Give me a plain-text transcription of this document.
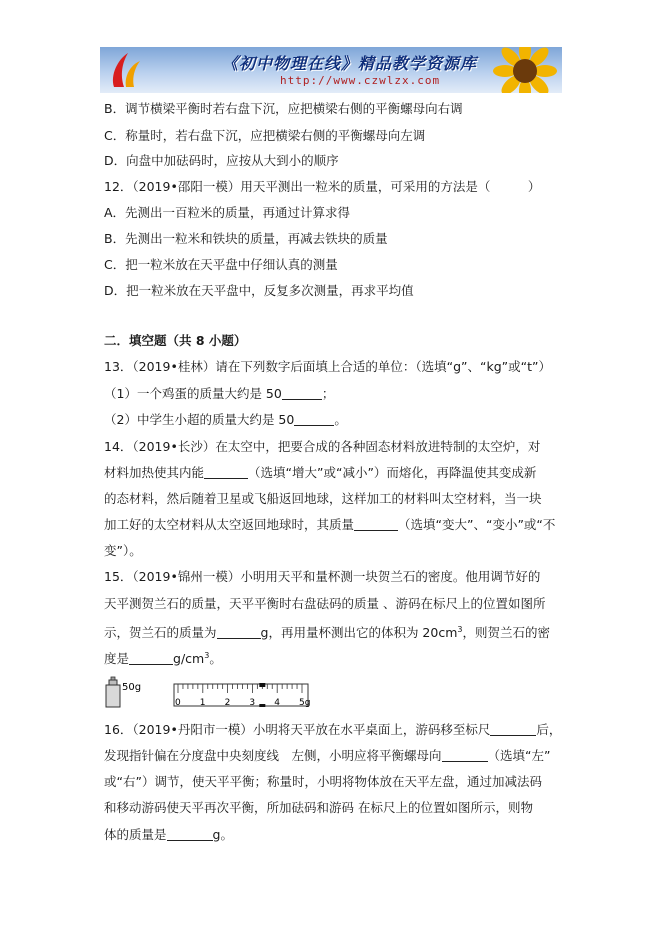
《初中物理在线》精品教学资源库
http://www.czwlzx.com
B．调节横梁平衡时若右盘下沉，应把横梁右侧的平衡螺母向右调
C．称量时，若右盘下沉，应把横梁右侧的平衡螺母向左调
D．向盘中加砝码时，应按从大到小的顺序
12．（2019•邵阳一模）用天平测出一粒米的质量，可采用的方法是（　　　）
A．先测出一百粒米的质量，再通过计算求得
B．先测出一粒米和铁块的质量，再减去铁块的质量
C．把一粒米放在天平盘中仔细认真的测量
D．把一粒米放在天平盘中，反复多次测量，再求平均值
二．填空题（共 8 小题）
13．（2019•桂林）请在下列数字后面填上合适的单位：（选填“g”、“kg”或“t”）
（1）一个鸡蛋的质量大约是 50	；
（2）中学生小超的质量大约是 50	。
14．（2019•长沙）在太空中，把要合成的各种固态材料放进特制的太空炉，对
材料加热使其内能	（选填“增大”或“减小”）而熔化，再降温使其变成新
的态材料，然后随着卫星或飞船返回地球，这样加工的材料叫太空材料，当一块
加工好的太空材料从太空返回地球时，其质量	（选填“变大”、“变小”或“不
变”）。
15．（2019•锦州一模）小明用天平和量杯测一块贺兰石的密度。他用调节好的
天平测贺兰石的质量，天平平衡时右盘砝码的质量 、游码在标尺上的位置如图所
示，贺兰石的质量为	g，再用量杯测出它的体积为 $20cm^3$，则贺兰石的密
度是	$g/cm^3$。
50g
0 1 2 3 4 5g
16．（2019•丹阳市一模）小明将天平放在水平桌面上，游码移至标尺	后，
发现指针偏在分度盘中央刻度线　左侧，小明应将平衡螺母向	（选填“左”
或“右”）调节，使天平平衡；称量时，小明将物体放在天平左盘，通过加减法码
和移动游码使天平再次平衡，所加砝码和游码 在标尺上的位置如图所示，则物
体的质量是	g。
